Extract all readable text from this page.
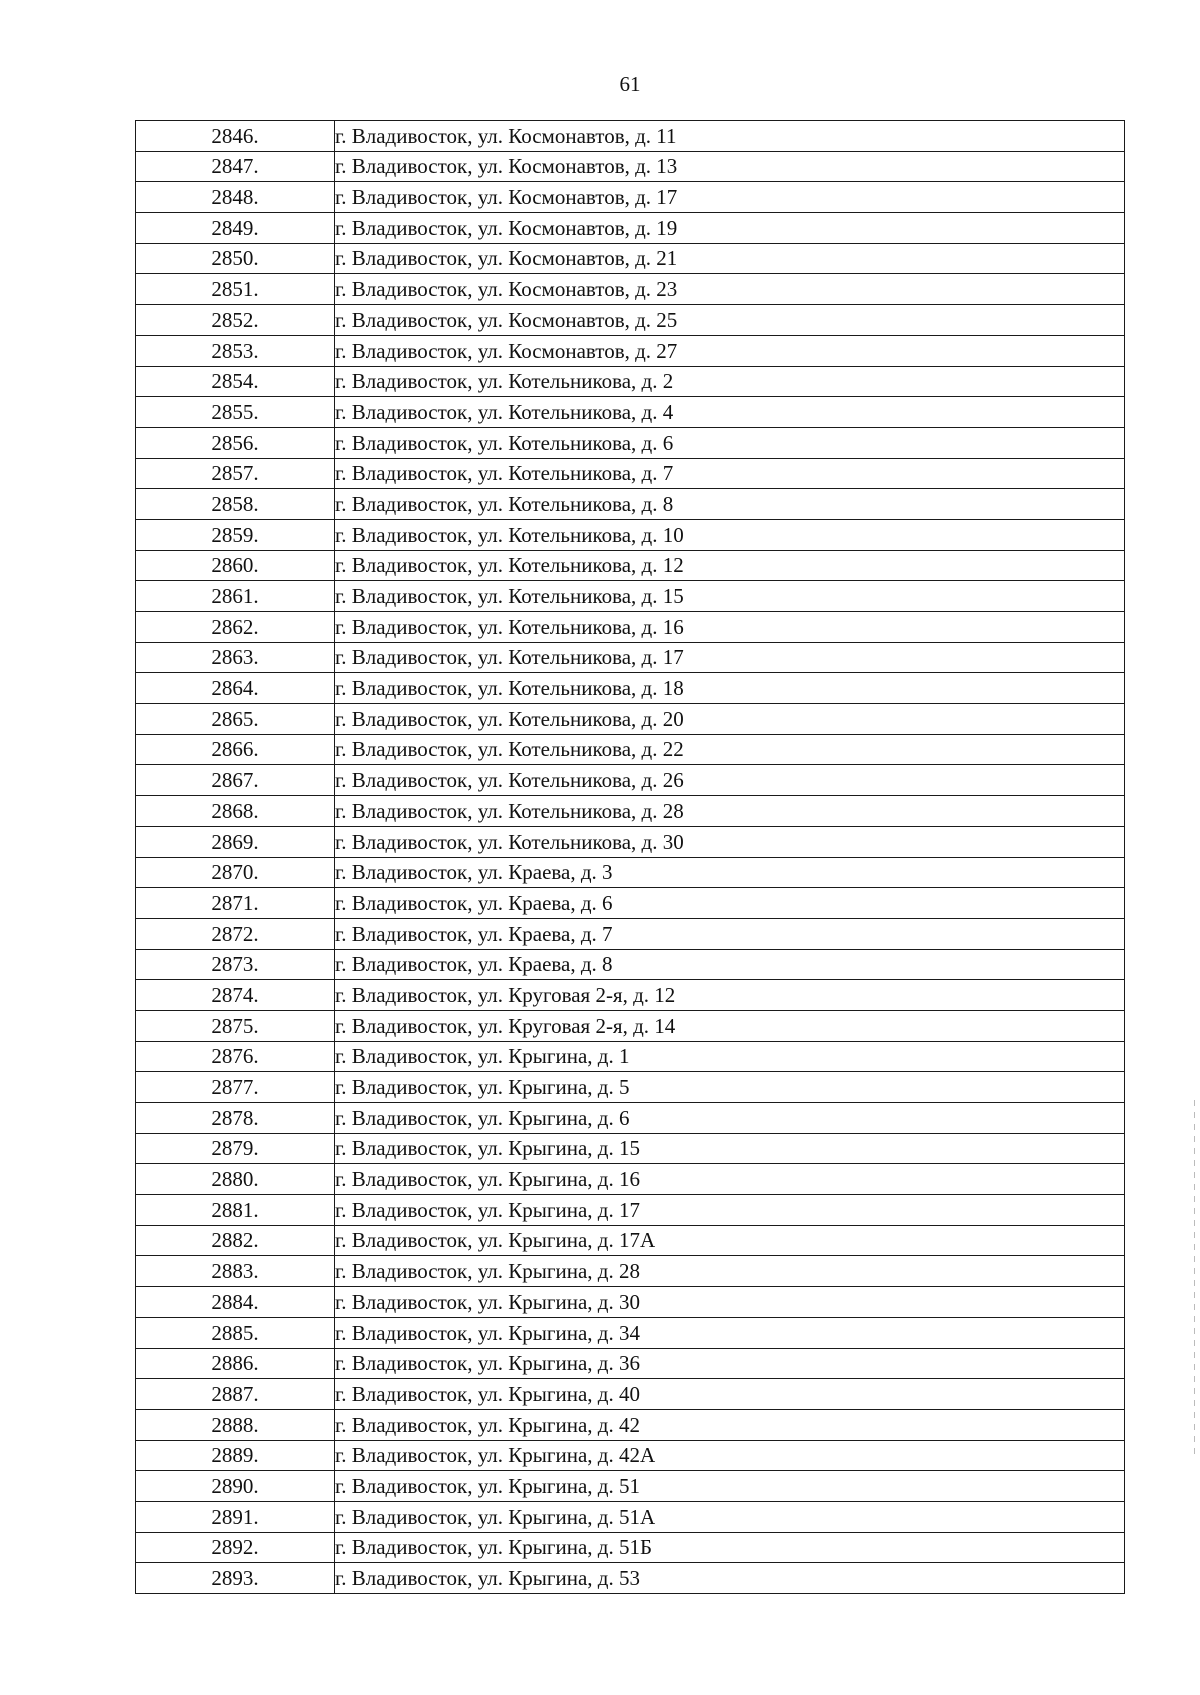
61
2846.	г. Владивосток, ул. Космонавтов, д. 11
2847.	г. Владивосток, ул. Космонавтов, д. 13
2848.	г. Владивосток, ул. Космонавтов, д. 17
2849.	г. Владивосток, ул. Космонавтов, д. 19
2850.	г. Владивосток, ул. Космонавтов, д. 21
2851.	г. Владивосток, ул. Космонавтов, д. 23
2852.	г. Владивосток, ул. Космонавтов, д. 25
2853.	г. Владивосток, ул. Космонавтов, д. 27
2854.	г. Владивосток, ул. Котельникова, д. 2
2855.	г. Владивосток, ул. Котельникова, д. 4
2856.	г. Владивосток, ул. Котельникова, д. 6
2857.	г. Владивосток, ул. Котельникова, д. 7
2858.	г. Владивосток, ул. Котельникова, д. 8
2859.	г. Владивосток, ул. Котельникова, д. 10
2860.	г. Владивосток, ул. Котельникова, д. 12
2861.	г. Владивосток, ул. Котельникова, д. 15
2862.	г. Владивосток, ул. Котельникова, д. 16
2863.	г. Владивосток, ул. Котельникова, д. 17
2864.	г. Владивосток, ул. Котельникова, д. 18
2865.	г. Владивосток, ул. Котельникова, д. 20
2866.	г. Владивосток, ул. Котельникова, д. 22
2867.	г. Владивосток, ул. Котельникова, д. 26
2868.	г. Владивосток, ул. Котельникова, д. 28
2869.	г. Владивосток, ул. Котельникова, д. 30
2870.	г. Владивосток, ул. Краева, д. 3
2871.	г. Владивосток, ул. Краева, д. 6
2872.	г. Владивосток, ул. Краева, д. 7
2873.	г. Владивосток, ул. Краева, д. 8
2874.	г. Владивосток, ул. Круговая 2-я, д. 12
2875.	г. Владивосток, ул. Круговая 2-я, д. 14
2876.	г. Владивосток, ул. Крыгина, д. 1
2877.	г. Владивосток, ул. Крыгина, д. 5
2878.	г. Владивосток, ул. Крыгина, д. 6
2879.	г. Владивосток, ул. Крыгина, д. 15
2880.	г. Владивосток, ул. Крыгина, д. 16
2881.	г. Владивосток, ул. Крыгина, д. 17
2882.	г. Владивосток, ул. Крыгина, д. 17А
2883.	г. Владивосток, ул. Крыгина, д. 28
2884.	г. Владивосток, ул. Крыгина, д. 30
2885.	г. Владивосток, ул. Крыгина, д. 34
2886.	г. Владивосток, ул. Крыгина, д. 36
2887.	г. Владивосток, ул. Крыгина, д. 40
2888.	г. Владивосток, ул. Крыгина, д. 42
2889.	г. Владивосток, ул. Крыгина, д. 42А
2890.	г. Владивосток, ул. Крыгина, д. 51
2891.	г. Владивосток, ул. Крыгина, д. 51А
2892.	г. Владивосток, ул. Крыгина, д. 51Б
2893.	г. Владивосток, ул. Крыгина, д. 53
